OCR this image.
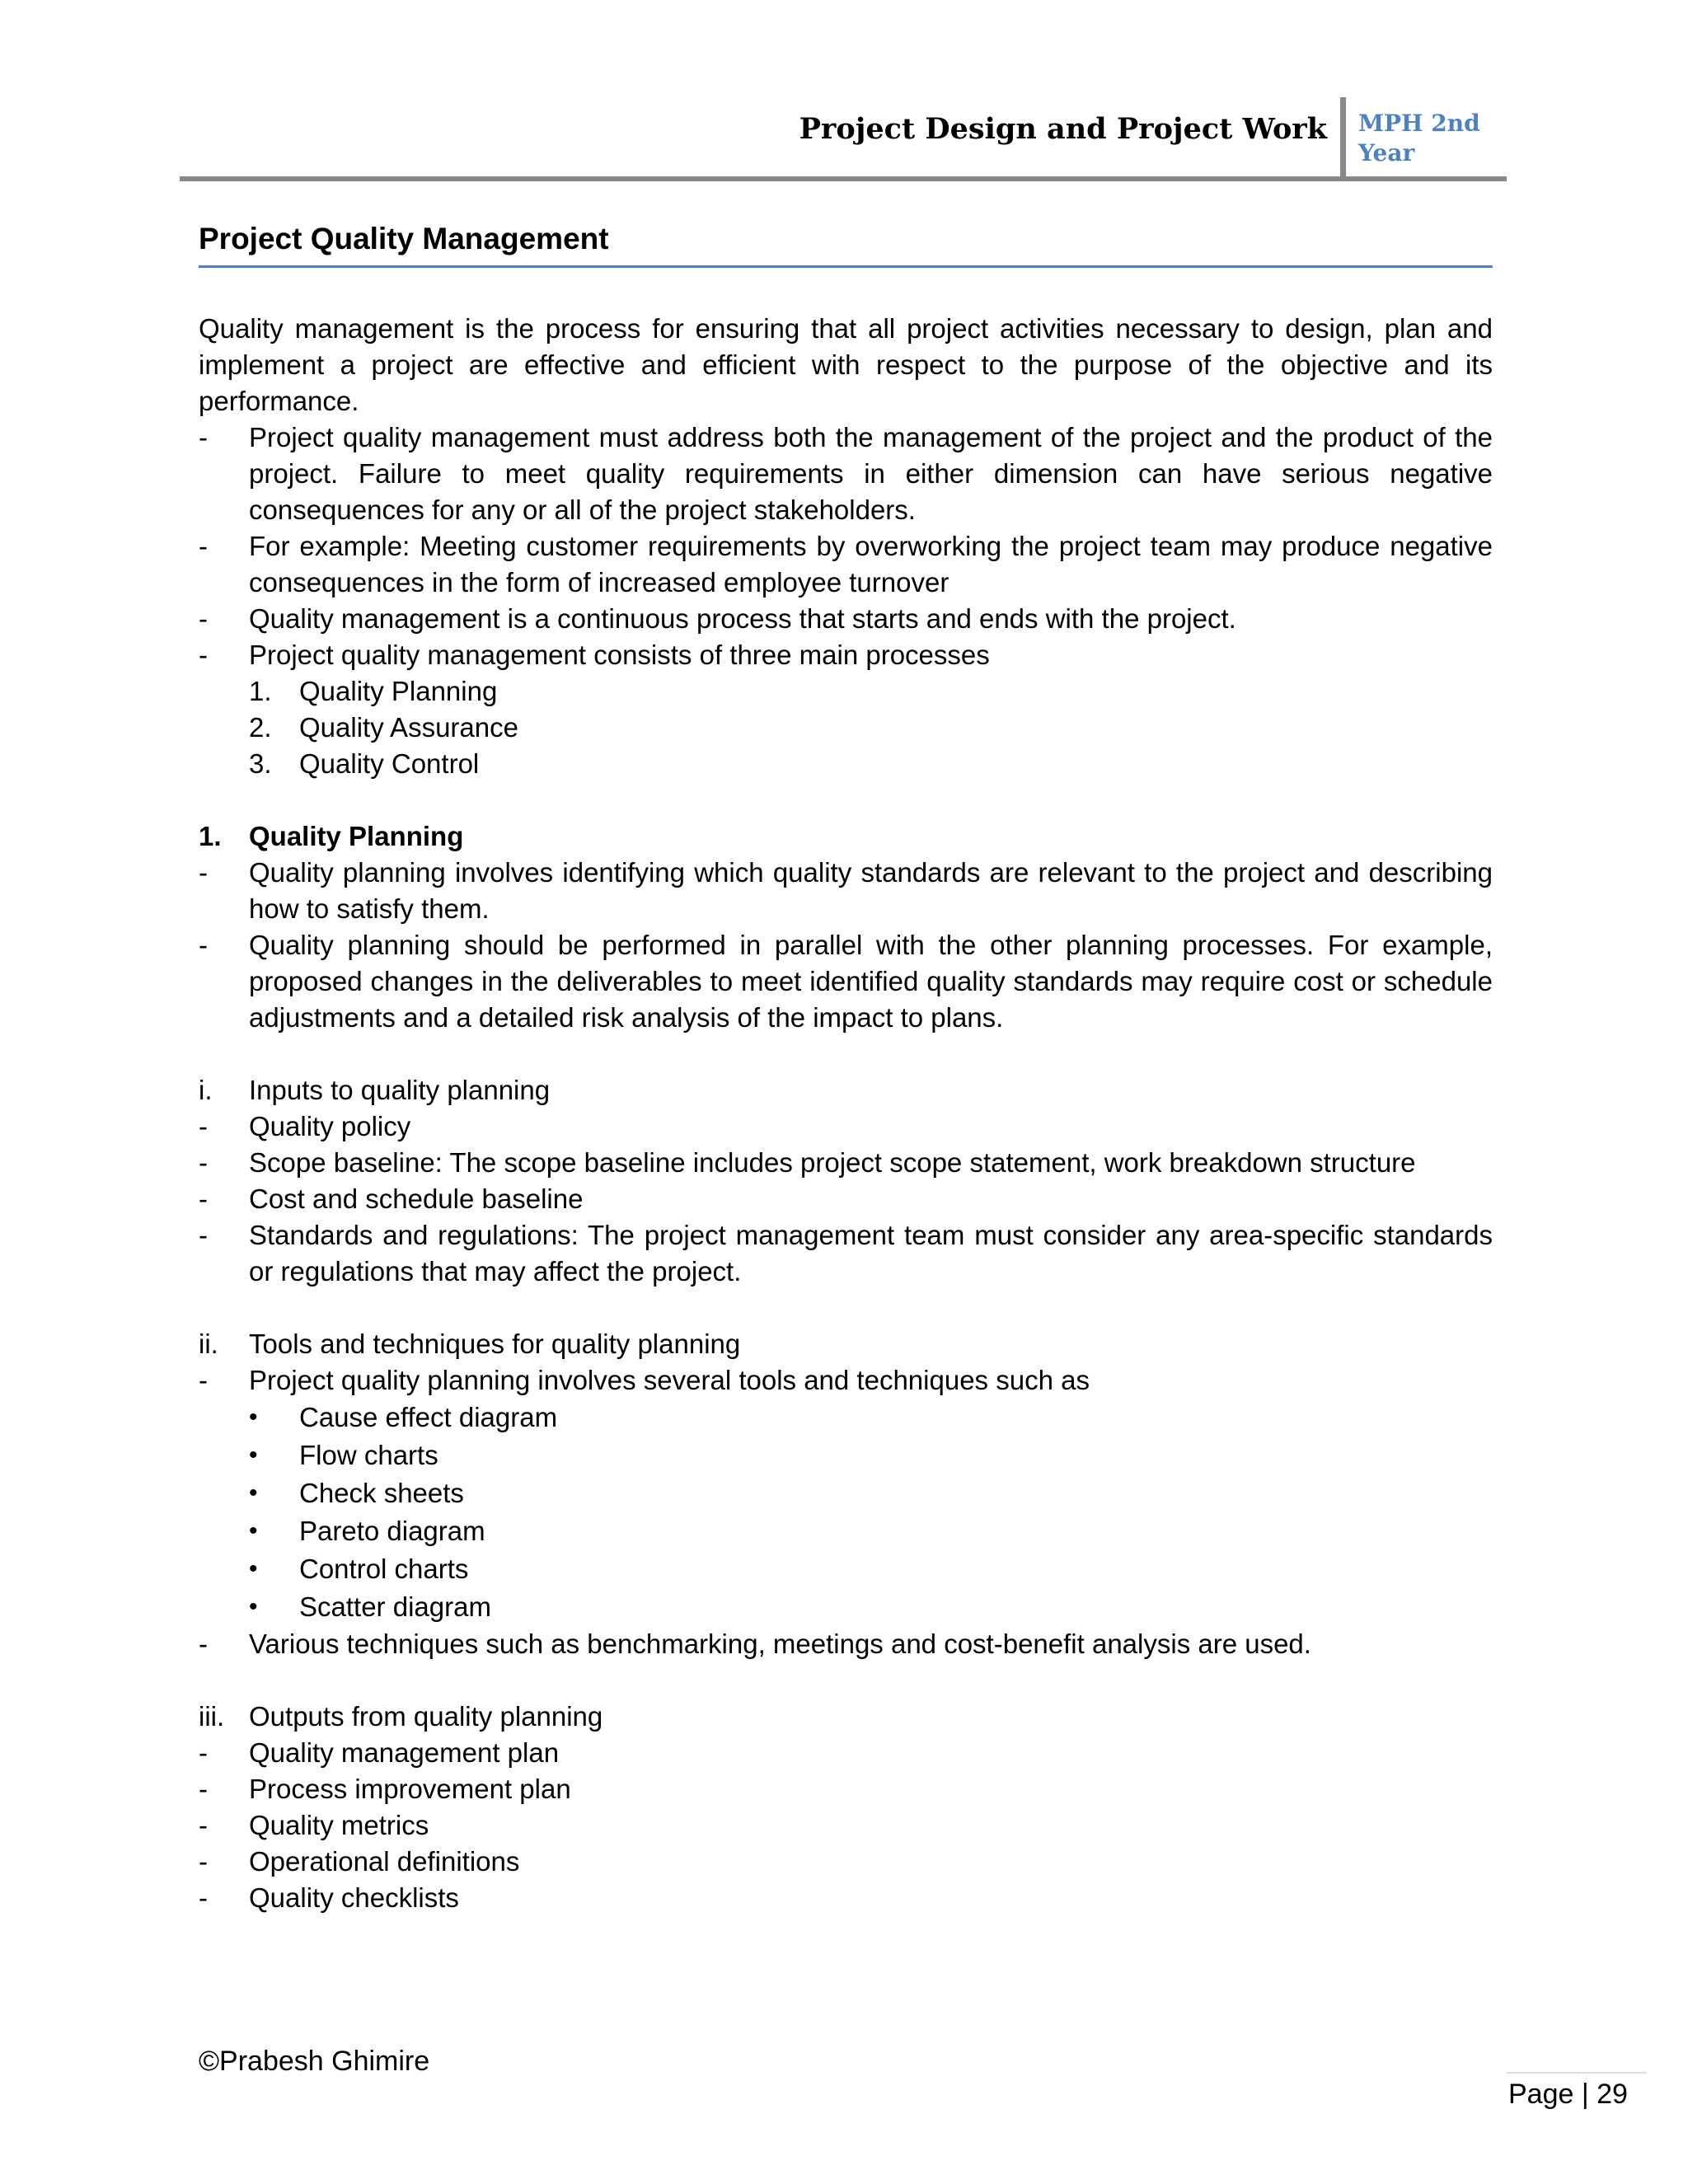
Project Design and Project Work MPH 2nd Year
Project Quality Management

Quality management is the process for ensuring that all project activities necessary to design, plan and implement a project are effective and efficient with respect to the purpose of the objective and its performance.

-	Project quality management must address both the management of the project and the product of the project. Failure to meet quality requirements in either dimension can have serious negative consequences for any or all of the project stakeholders.
-	For example: Meeting customer requirements by overworking the project team may produce negative consequences in the form of increased employee turnover
-	Quality management is a continuous process that starts and ends with the project.
-	Project quality management consists of three main processes
1.	Quality Planning
2.	Quality Assurance
3.	Quality Control
1.	Quality Planning
-	Quality planning involves identifying which quality standards are relevant to the project and describing how to satisfy them.
-	Quality planning should be performed in parallel with the other planning processes. For example, proposed changes in the deliverables to meet identified quality standards may require cost or schedule adjustments and a detailed risk analysis of the impact to plans.
i.	Inputs to quality planning
-	Quality policy
-	Scope baseline: The scope baseline includes project scope statement, work breakdown structure
-	Cost and schedule baseline
-	Standards and regulations: The project management team must consider any area-specific standards or regulations that may affect the project.
ii.	Tools and techniques for quality planning
-	Project quality planning involves several tools and techniques such as
•	Cause effect diagram
•	Flow charts
•	Check sheets
•	Pareto diagram
•	Control charts
•	Scatter diagram
-	Various techniques such as benchmarking, meetings and cost-benefit analysis are used.
iii. Outputs from quality planning
-	Quality management plan
-	Process improvement plan
-	Quality metrics
-	Operational definitions
-	Quality checklists
©Prabesh Ghimire
Page | 29
